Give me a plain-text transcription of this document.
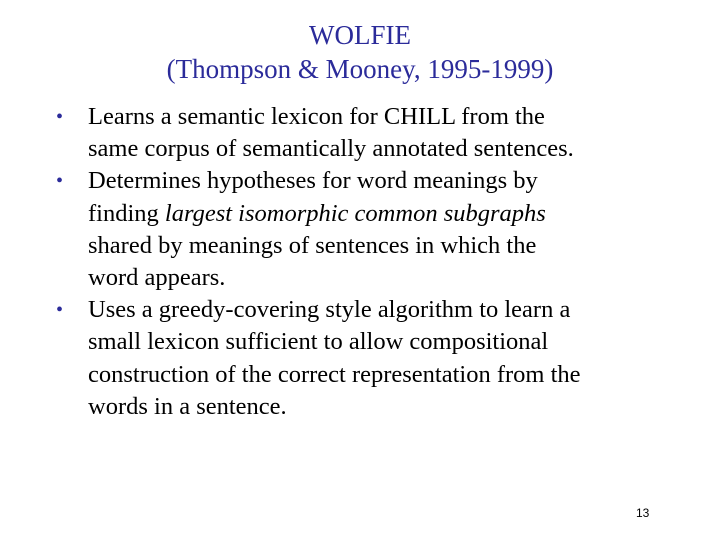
WOLFIE
(Thompson & Mooney, 1995-1999)
• Learns a semantic lexicon for CHILL from the
same corpus of semantically annotated sentences.
• Determines hypotheses for word meanings by
finding largest isomorphic common subgraphs
shared by meanings of sentences in which the
word appears.
• Uses a greedy-covering style algorithm to learn a
small lexicon sufficient to allow compositional
construction of the correct representation from the
words in a sentence.
13
